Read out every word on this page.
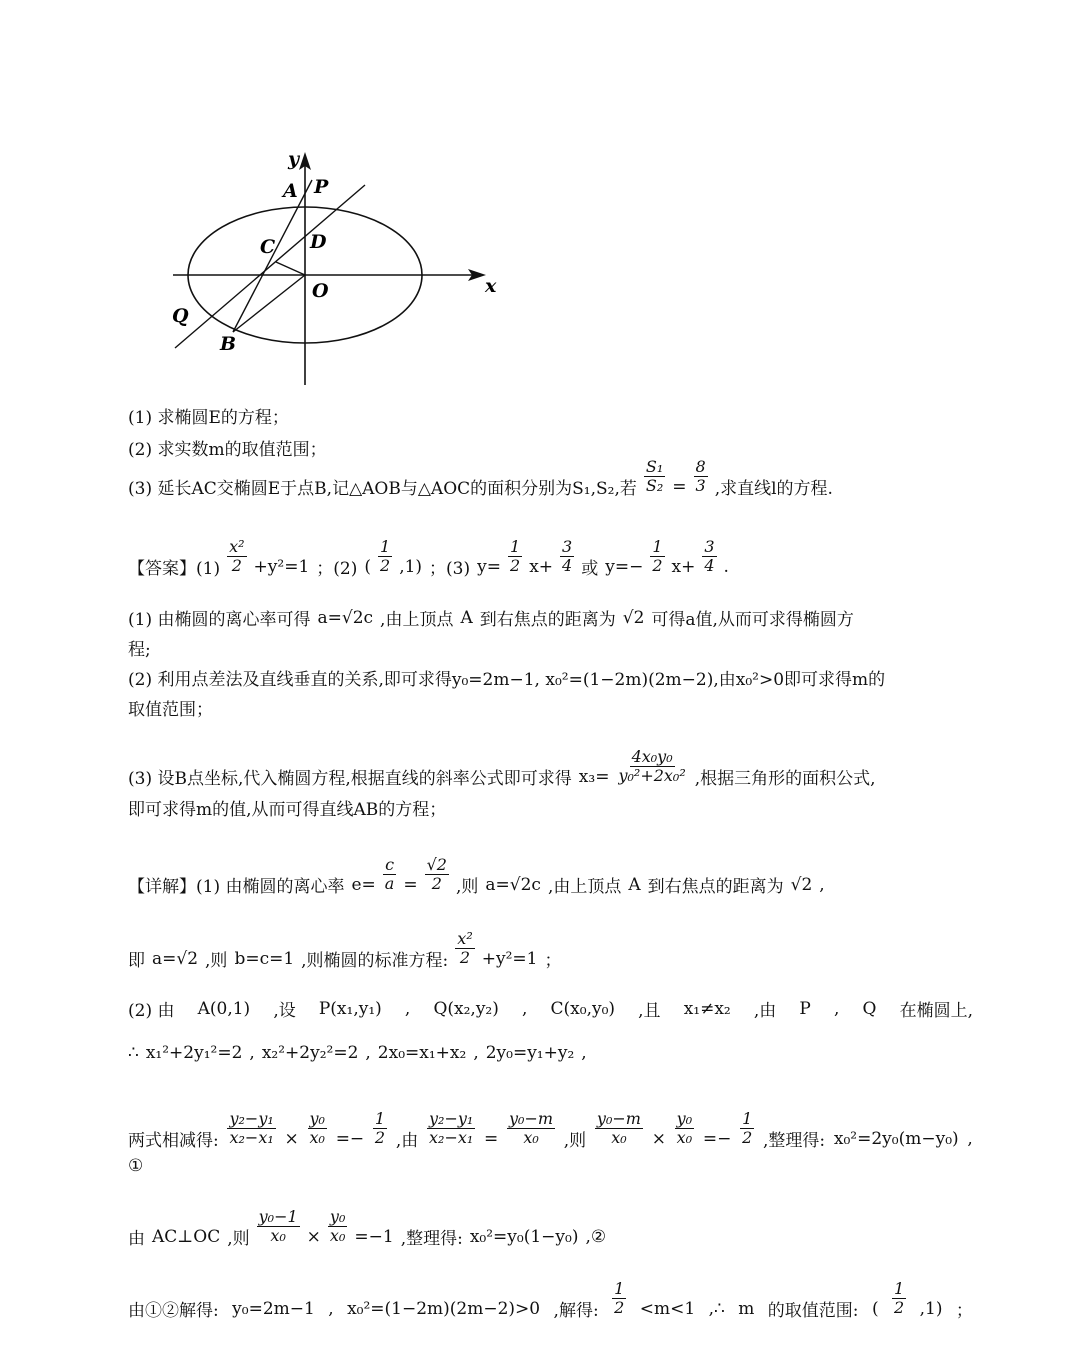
y
A P
C D
O	x
Q
B
(1) 求椭圆E的方程；
(2) 求实数m的取值范围；
(3) 延长AC交椭圆E于点B,记△AOB与△AOC的面积分别为S₁,S₂,若 $\frac{\text{S₁}}{\text{S₂}} = \frac{8}{3}$ ,求直线l的方程.
【答案】$(1) \frac{\text{x²}}{2} +y^2=1$ ；(2) ( $\frac{1}{2} ,1$) ；(3) $y= \frac{1}{2} x+ \frac{3}{4}$ 或 $y=- \frac{1}{2} x+ \frac{3}{4}$ .
(1) 由椭圆的离心率可得 a=√2c ,由上顶点 A 到右焦点的距离为 √2 可得a值,从而可求得椭圆方
程;
(2) 利用点差法及直线垂直的关系,即可求得y₀=2m−1, x₀²=(1−2m)(2m−2),由x₀²>0即可求得m的
取值范围；
(3) 设B点坐标,代入椭圆方程,根据直线的斜率公式即可求得 $x_3= \frac{\text{4x₀y₀}}{\text{y₀²+2x₀²}}$ ,根据三角形的面积公式,
即可求得m的值,从而可得直线AB的方程；
【详解】(1) 由椭圆的离心率 $e= \frac{c}{a} = \frac{√2}{2}$ ,则 a=√2c ,由上顶点 A 到右焦点的距离为 √2 ,
即 a=√2 ,则 b=c=1 ,则椭圆的标准方程: $\frac{\text{x²}}{2} +y^2=1$ ；
(2) 由 A(0,1) ,设 P(x₁,y₁) , Q(x₂,y₂) , C(x₀,y₀) ,且 x₁≠x₂ ,由 P , Q 在椭圆上,
∴ x₁²+2y₁²=2 , x₂²+2y₂²=2 , 2x₀=x₁+x₂ , 2y₀=y₁+y₂ ,
两式相减得: $\frac{\text{y₂−y₁}}{\text{x₂−x₁}} \times \frac{\text{y₀}}{\text{x₀}} =- \frac{1}{2}$ ,由 $\frac{\text{y₂−y₁}}{\text{x₂−x₁}} = \frac{\text{y₀−m}}{\text{x₀}}$ ,则 $\frac{\text{y₀−m}}{\text{x₀}} \times \frac{\text{y₀}}{\text{x₀}} =- \frac{1}{2}$ ,整理得: x₀²=2y₀(m−y₀) ,
①
由 AC⊥OC ,则 $\frac{\text{y₀−1}}{\text{x₀}} \times \frac{\text{y₀}}{\text{x₀}} =-1$ ,整理得: x₀²=y₀(1−y₀) ,②
由①②解得: y₀=2m−1 , x₀²=(1−2m)(2m−2)>0 ,解得: $\frac{1}{2} <m<1$ ,∴ m 的取值范围: ( $\frac{1}{2} ,1$) ；
